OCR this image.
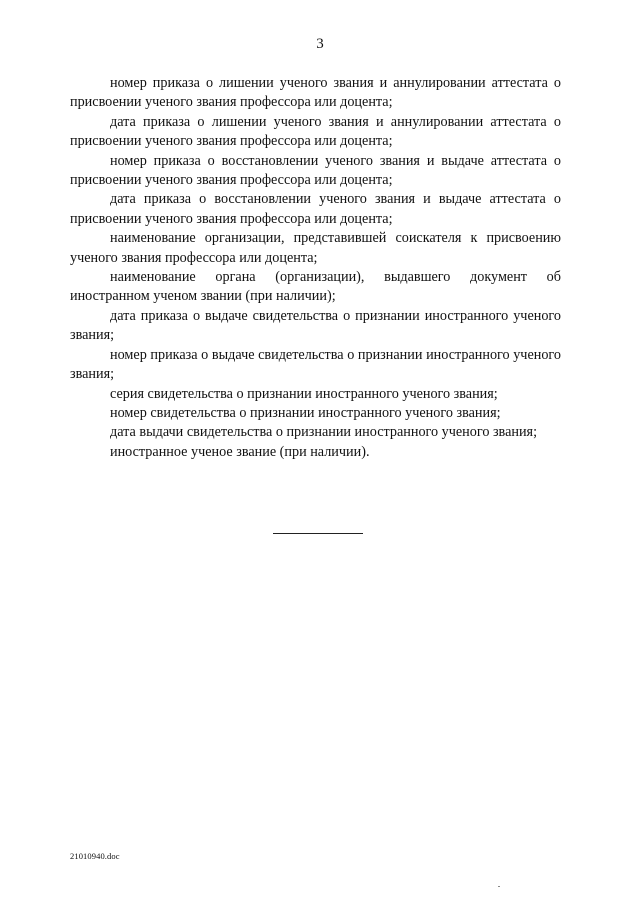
3

номер приказа о лишении ученого звания и аннулировании аттестата о присвоении ученого звания профессора или доцента;

дата приказа о лишении ученого звания и аннулировании аттестата о присвоении ученого звания профессора или доцента;

номер приказа о восстановлении ученого звания и выдаче аттестата о присвоении ученого звания профессора или доцента;

дата приказа о восстановлении ученого звания и выдаче аттестата о присвоении ученого звания профессора или доцента;

наименование организации, представившей соискателя к присвоению ученого звания профессора или доцента;

наименование органа (организации), выдавшего документ об иностранном ученом звании (при наличии);

дата приказа о выдаче свидетельства о признании иностранного ученого звания;

номер приказа о выдаче свидетельства о признании иностранного ученого звания;

серия свидетельства о признании иностранного ученого звания;

номер свидетельства о признании иностранного ученого звания;

дата выдачи свидетельства о признании иностранного ученого звания;

иностранное ученое звание (при наличии).

21010940.doc
